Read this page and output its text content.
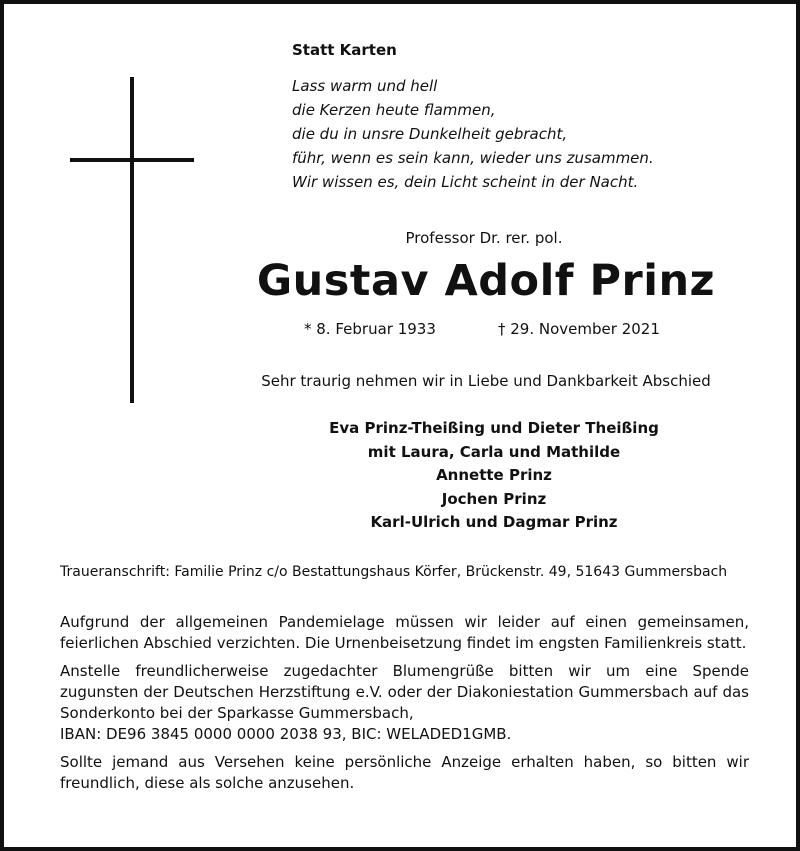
Statt Karten
Lass warm und hell
die Kerzen heute flammen,
die du in unsre Dunkelheit gebracht,
führ, wenn es sein kann, wieder uns zusammen.
Wir wissen es, dein Licht scheint in der Nacht.
Professor Dr. rer. pol.
Gustav Adolf Prinz
* 8. Februar 1933	† 29. November 2021
Sehr traurig nehmen wir in Liebe und Dankbarkeit Abschied
Eva Prinz-Theißing und Dieter Theißing
mit Laura, Carla und Mathilde
Annette Prinz
Jochen Prinz
Karl-Ulrich und Dagmar Prinz
Traueranschrift: Familie Prinz c/o Bestattungshaus Körfer, Brückenstr. 49, 51643 Gummersbach

Aufgrund der allgemeinen Pandemielage müssen wir leider auf einen gemeinsamen, feierlichen Abschied verzichten. Die Urnenbeisetzung findet im engsten Familienkreis statt.

Anstelle freundlicherweise zugedachter Blumengrüße bitten wir um eine Spende zugunsten der Deutschen Herzstiftung e.V. oder der Diakoniestation Gummersbach auf das Sonderkonto bei der Sparkasse Gummersbach,
IBAN: DE96 3845 0000 0000 2038 93, BIC: WELADED1GMB.

Sollte jemand aus Versehen keine persönliche Anzeige erhalten haben, so bitten wir freundlich, diese als solche anzusehen.
